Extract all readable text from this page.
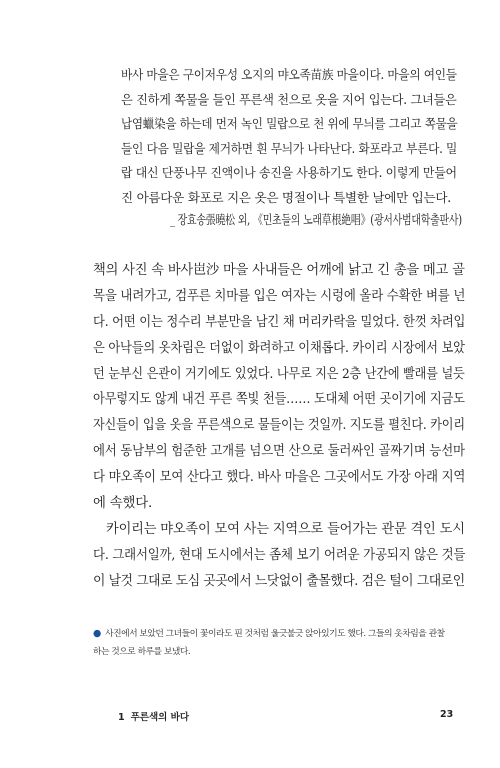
바사 마을은 구이저우성 오지의 먀오족苗族 마을이다. 마을의 여인들
은 진하게 쪽물을 들인 푸른색 천으로 옷을 지어 입는다. 그녀들은
납염蠟染을 하는데 먼저 녹인 밀랍으로 천 위에 무늬를 그리고 쪽물을
들인 다음 밀랍을 제거하면 흰 무늬가 나타난다. 화포라고 부른다. 밀
랍 대신 단풍나무 진액이나 송진을 사용하기도 한다. 이렇게 만들어
진 아름다운 화포로 지은 옷은 명절이나 특별한 날에만 입는다.
_ 장효송張曉松 외, 《민초들의 노래草根絶唱》(광서사범대학출판사)
책의 사진 속 바사岜沙 마을 사내들은 어깨에 낡고 긴 총을 메고 골
목을 내려가고, 검푸른 치마를 입은 여자는 시렁에 올라 수확한 벼를 넌
다. 어떤 이는 정수리 부분만을 남긴 채 머리카락을 밀었다. 한껏 차려입
은 아낙들의 옷차림은 더없이 화려하고 이채롭다. 카이리 시장에서 보았
던 눈부신 은관이 거기에도 있었다. 나무로 지은 2층 난간에 빨래를 널듯
아무렇지도 않게 내건 푸른 쪽빛 천들…… 도대체 어떤 곳이기에 지금도
자신들이 입을 옷을 푸른색으로 물들이는 것일까. 지도를 펼친다. 카이리
에서 동남부의 험준한 고개를 넘으면 산으로 둘러싸인 골짜기며 능선마
다 먀오족이 모여 산다고 했다. 바사 마을은 그곳에서도 가장 아래 지역
에 속했다.
　카이리는 먀오족이 모여 사는 지역으로 들어가는 관문 격인 도시
다. 그래서일까, 현대 도시에서는 좀체 보기 어려운 가공되지 않은 것들
이 날것 그대로 도심 곳곳에서 느닷없이 출몰했다. 검은 털이 그대로인
● 사진에서 보았던 그녀들이 꽃이라도 핀 것처럼 울긋불긋 앉아있기도 했다. 그들의 옷차림을 관찰
하는 것으로 하루를 보냈다.
1 푸른색의 바다	23
